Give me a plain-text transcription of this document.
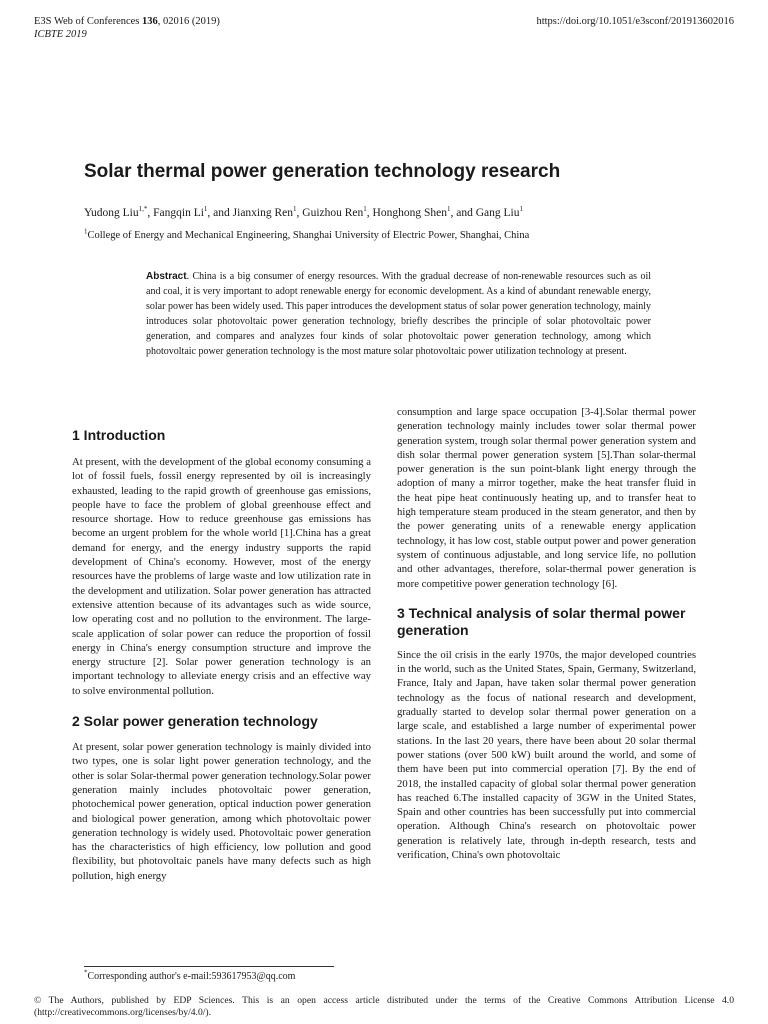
E3S Web of Conferences 136, 02016 (2019)
ICBTE 2019
https://doi.org/10.1051/e3sconf/201913602016
Solar thermal power generation technology research
Yudong Liu$^{1,*}$, Fangqin Li$^1$, and Jianxing Ren$^1$, Guizhou Ren$^1$, Honghong Shen$^1$, and Gang Liu$^1$
$^1$College of Energy and Mechanical Engineering, Shanghai University of Electric Power, Shanghai, China

Abstract. China is a big consumer of energy resources. With the gradual decrease of non-renewable resources such as oil and coal, it is very important to adopt renewable energy for economic development. As a kind of abundant renewable energy, solar power has been widely used. This paper introduces the development status of solar power generation technology, mainly introduces solar photovoltaic power generation technology, briefly describes the principle of solar photovoltaic power generation, and compares and analyzes four kinds of solar photovoltaic power generation technology, among which photovoltaic power generation technology is the most mature solar photovoltaic power utilization technology at present.

1 Introduction

At present, with the development of the global economy consuming a lot of fossil fuels, fossil energy represented by oil is increasingly exhausted, leading to the rapid growth of greenhouse gas emissions, people have to face the problem of global greenhouse effect and resource shortage. How to reduce greenhouse gas emissions has become an urgent problem for the whole world [1].China has a great demand for energy, and the energy industry supports the rapid development of China's economy. However, most of the energy resources have the problems of large waste and low utilization rate in the development and utilization. Solar power generation has attracted extensive attention because of its advantages such as wide source, low operating cost and no pollution to the environment. The large-scale application of solar power can reduce the proportion of fossil energy in China's energy consumption structure and improve the energy structure [2]. Solar power generation technology is an important technology to alleviate energy crisis and an effective way to solve environmental pollution.

2 Solar power generation technology

At present, solar power generation technology is mainly divided into two types, one is solar light power generation technology, and the other is solar Solar-thermal power generation technology.Solar power generation mainly includes photovoltaic power generation, photochemical power generation, optical induction power generation and biological power generation, among which photovoltaic power generation technology is widely used. Photovoltaic power generation has the characteristics of high efficiency, low pollution and good flexibility, but photovoltaic panels have many defects such as high pollution, high energy

consumption and large space occupation [3-4].Solar thermal power generation technology mainly includes tower solar thermal power generation system, trough solar thermal power generation system and dish solar thermal power generation system [5].Than solar-thermal power generation is the sun point-blank light energy through the adoption of many a mirror together, make the heat transfer fluid in the heat pipe heat continuously heating up, and to transfer heat to high temperature steam produced in the steam generator, and then by the power generating units of a renewable energy application technology, it has low cost, stable output power and power generation system of continuous adjustable, and long service life, no pollution and other advantages, therefore, solar-thermal power generation is more competitive power generation technology [6].

3 Technical analysis of solar thermal power generation

Since the oil crisis in the early 1970s, the major developed countries in the world, such as the United States, Spain, Germany, Switzerland, France, Italy and Japan, have taken solar thermal power generation technology as the focus of national research and development, gradually started to develop solar thermal power generation on a large scale, and established a large number of experimental power stations. In the last 20 years, there have been about 20 solar thermal power stations (over 500 kW) built around the world, and some of them have been put into commercial operation [7]. By the end of 2018, the installed capacity of global solar thermal power generation has reached 6.The installed capacity of 3GW in the United States, Spain and other countries has been successfully put into commercial operation. Although China's research on photovoltaic power generation is relatively late, through in-depth research, tests and verification, China's own photovoltaic

*Corresponding author's e-mail:593617953@qq.com
© The Authors, published by EDP Sciences. This is an open access article distributed under the terms of the Creative Commons Attribution License 4.0 (http://creativecommons.org/licenses/by/4.0/).
